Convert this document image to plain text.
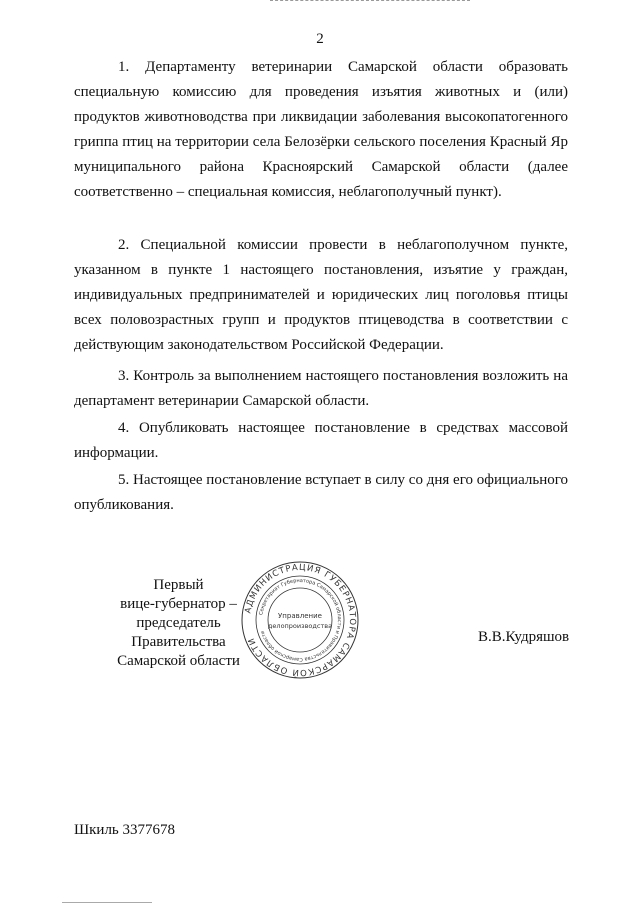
2

1. Департаменту ветеринарии Самарской области образовать специальную комиссию для проведения изъятия животных и (или) продуктов животноводства при ликвидации заболевания высокопатогенного гриппа птиц на территории села Белозёрки сельского поселения Красный Яр муниципального района Красноярский Самарской области (далее соответственно – специальная комиссия, неблагополучный пункт).

2. Специальной комиссии провести в неблагополучном пункте, указанном в пункте 1 настоящего постановления, изъятие у граждан, индивидуальных предпринимателей и юридических лиц поголовья птицы всех половозрастных групп и продуктов птицеводства в соответствии с действующим законодательством Российской Федерации.

3. Контроль за выполнением настоящего постановления возложить на департамент ветеринарии Самарской области.

4. Опубликовать настоящее постановление в средствах массовой информации.

5. Настоящее постановление вступает в силу со дня его официального опубликования.

Первый
вице-губернатор –
председатель Правительства
Самарской области
АДМИНИСТРАЦИЯ ГУБЕРНАТОРА САМАРСКОЙ ОБЛАСТИ
Секретариат Губернатора Самарской области и Правительства Самарской области
Управление
делопроизводства
В.В.Кудряшов
Шкиль 3377678
